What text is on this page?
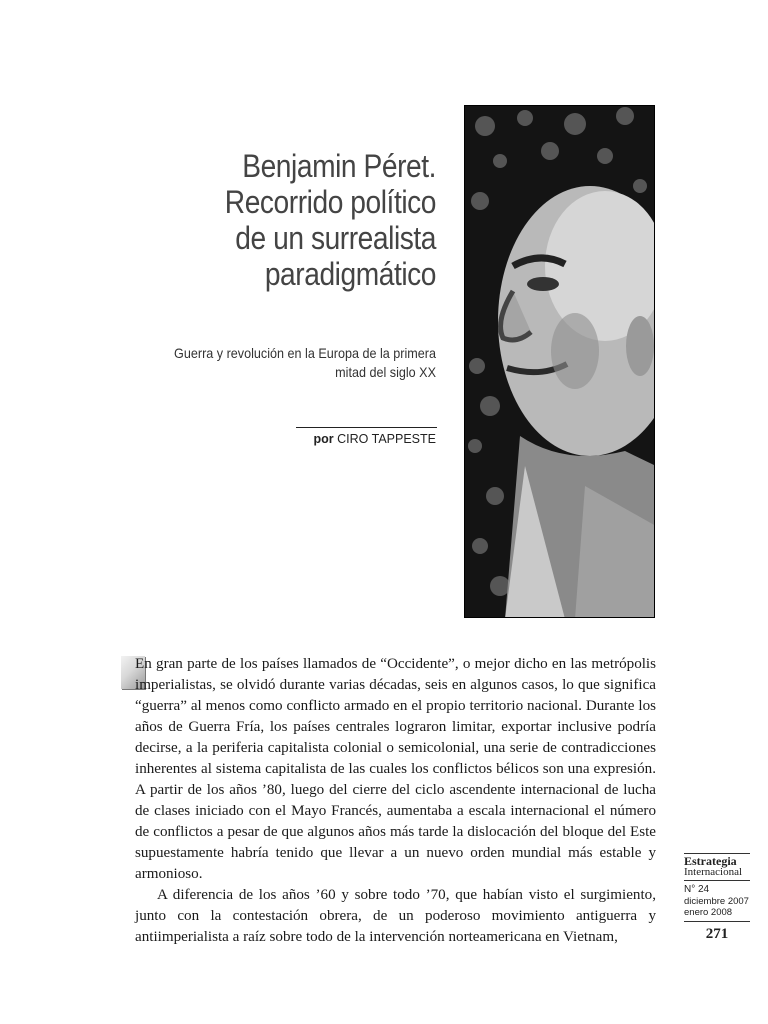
Benjamin Péret.
Recorrido político
de un surrealista
paradigmático
Guerra y revolución en la Europa de la primera
mitad del siglo XX
por CIRO TAPPESTE

En gran parte de los países llamados de “Occidente”, o mejor dicho en las metrópolis imperialistas, se olvidó durante varias décadas, seis en algunos casos, lo que significa “guerra” al menos como conflicto armado en el propio territorio nacional. Durante los años de Guerra Fría, los países centrales lograron limitar, exportar inclusive podría decirse, a la periferia capitalista colonial o semicolonial, una serie de contradicciones inherentes al sistema capitalista de las cuales los conflictos bélicos son una expresión. A partir de los años ’80, luego del cierre del ciclo ascendente internacional de lucha de clases iniciado con el Mayo Francés, aumentaba a escala internacional el número de conflictos a pesar de que algunos años más tarde la dislocación del bloque del Este supuestamente habría tenido que llevar a un nuevo orden mundial más estable y armonioso.

A diferencia de los años ’60 y sobre todo ’70, que habían visto el surgimiento, junto con la contestación obrera, de un poderoso movimiento antiguerra y antiimperialista a raíz sobre todo de la intervención norteamericana en Vietnam,

Estrategia
Internacional
N° 24
diciembre 2007
enero 2008
271
